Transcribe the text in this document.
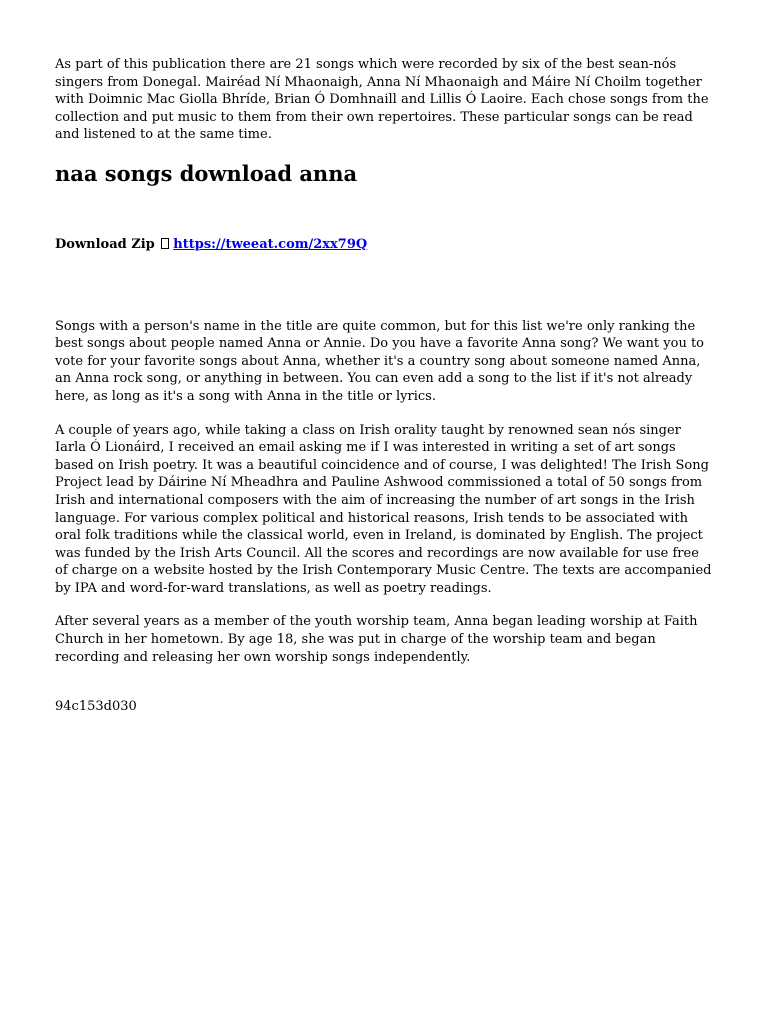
As part of this publication there are 21 songs which were recorded by six of the best sean-nós singers from Donegal. Mairéad Ní Mhaonaigh, Anna Ní Mhaonaigh and Máire Ní Choilm together with Doimnic Mac Giolla Bhríde, Brian Ó Domhnaill and Lillis Ó Laoire. Each chose songs from the collection and put music to them from their own repertoires. These particular songs can be read and listened to at the same time.

naa songs download anna
Download Zip https://tweeat.com/2xx79Q

Songs with a person's name in the title are quite common, but for this list we're only ranking the best songs about people named Anna or Annie. Do you have a favorite Anna song? We want you to vote for your favorite songs about Anna, whether it's a country song about someone named Anna, an Anna rock song, or anything in between. You can even add a song to the list if it's not already here, as long as it's a song with Anna in the title or lyrics.

A couple of years ago, while taking a class on Irish orality taught by renowned sean nós singer Iarla Ó Lionáird, I received an email asking me if I was interested in writing a set of art songs based on Irish poetry. It was a beautiful coincidence and of course, I was delighted! The Irish Song Project lead by Dáirine Ní Mheadhra and Pauline Ashwood commissioned a total of 50 songs from Irish and international composers with the aim of increasing the number of art songs in the Irish language. For various complex political and historical reasons, Irish tends to be associated with oral folk traditions while the classical world, even in Ireland, is dominated by English. The project was funded by the Irish Arts Council. All the scores and recordings are now available for use free of charge on a website hosted by the Irish Contemporary Music Centre. The texts are accompanied by IPA and word-for-ward translations, as well as poetry readings.

After several years as a member of the youth worship team, Anna began leading worship at Faith Church in her hometown. By age 18, she was put in charge of the worship team and began recording and releasing her own worship songs independently.

94c153d030
